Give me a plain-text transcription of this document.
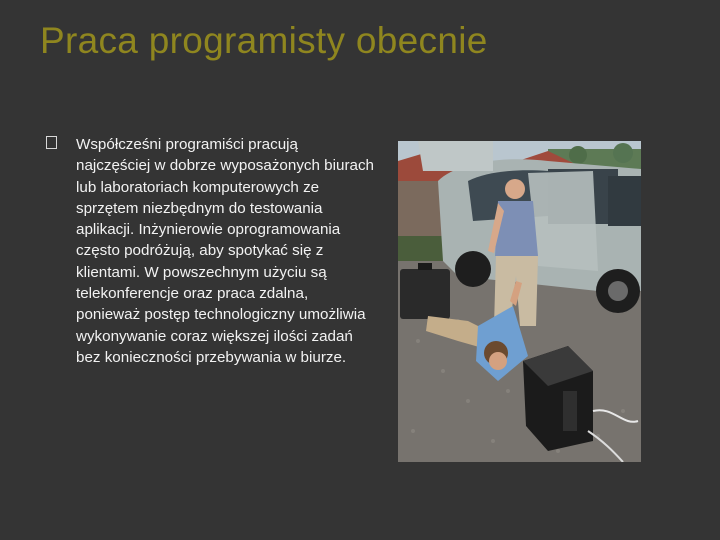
Praca programisty obecnie
Współcześni programiści pracują najczęściej w dobrze wyposażonych biurach lub laboratoriach komputerowych ze sprzętem niezbędnym do testowania aplikacji. Inżynierowie oprogramowania często podróżują, aby spotykać się z klientami. W powszechnym użyciu są telekonferencje oraz praca zdalna, ponieważ postęp technologiczny umożliwia wykonywanie coraz większej ilości zadań bez konieczności przebywania w biurze.
